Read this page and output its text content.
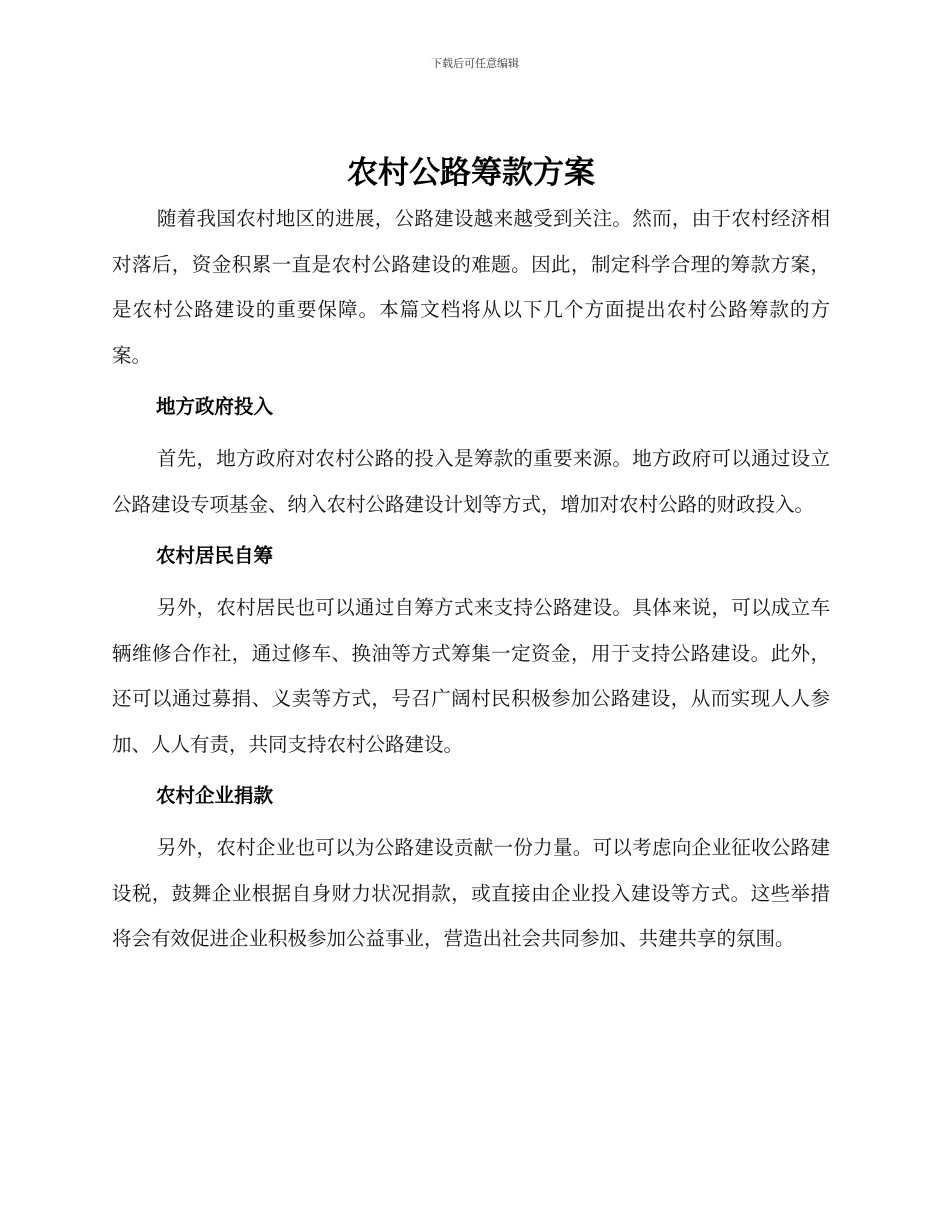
下载后可任意编辑
农村公路筹款方案

随着我国农村地区的进展，公路建设越来越受到关注。然而，由于农村经济相对落后，资金积累一直是农村公路建设的难题。因此，制定科学合理的筹款方案，是农村公路建设的重要保障。本篇文档将从以下几个方面提出农村公路筹款的方案。

地方政府投入

首先，地方政府对农村公路的投入是筹款的重要来源。地方政府可以通过设立公路建设专项基金、纳入农村公路建设计划等方式，增加对农村公路的财政投入。

农村居民自筹

另外，农村居民也可以通过自筹方式来支持公路建设。具体来说，可以成立车辆维修合作社，通过修车、换油等方式筹集一定资金，用于支持公路建设。此外，还可以通过募捐、义卖等方式，号召广阔村民积极参加公路建设，从而实现人人参加、人人有责，共同支持农村公路建设。

农村企业捐款

另外，农村企业也可以为公路建设贡献一份力量。可以考虑向企业征收公路建设税，鼓舞企业根据自身财力状况捐款，或直接由企业投入建设等方式。这些举措将会有效促进企业积极参加公益事业，营造出社会共同参加、共建共享的氛围。
